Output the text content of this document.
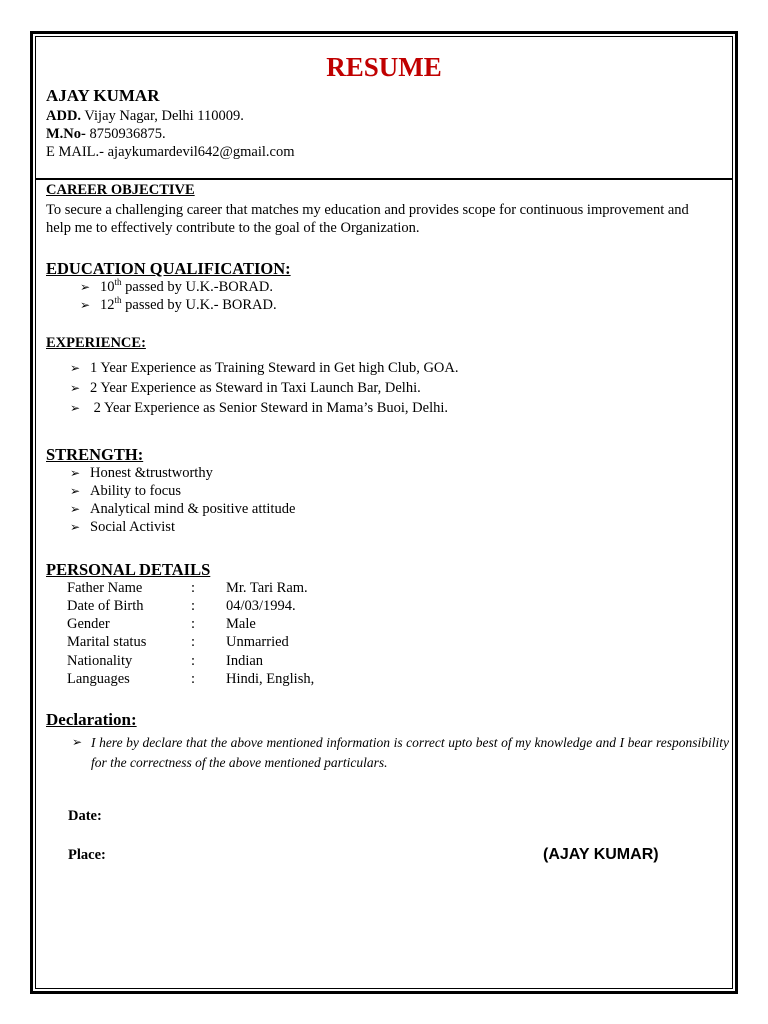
RESUME
AJAY KUMAR
ADD. Vijay Nagar, Delhi 110009.
M.No- 8750936875.
E MAIL.- ajaykumardevil642@gmail.com
CAREER OBJECTIVE
To secure a challenging career that matches my education and provides scope for continuous improvement and help me to effectively contribute to the goal of the Organization.
EDUCATION QUALIFICATION:
➢ 10th passed by U.K.-BORAD.
➢ 12th passed by U.K.- BORAD.
EXPERIENCE:
➢ 1 Year Experience as Training Steward in Get high Club, GOA.
➢ 2 Year Experience as Steward in Taxi Launch Bar, Delhi.
➢ 2 Year Experience as Senior Steward in Mama’s Buoi, Delhi.
STRENGTH:
➢ Honest &trustworthy
➢ Ability to focus
➢ Analytical mind & positive attitude
➢ Social Activist
PERSONAL DETAILS
Father Name	: Mr. Tari Ram.
Date of Birth	: 04/03/1994.
Gender	: Male
Marital status	: Unmarried
Nationality	: Indian
Languages	: Hindi, English,
Declaration:
➢ I here by declare that the above mentioned information is correct upto best of my knowledge and I bear responsibility for the correctness of the above mentioned particulars.
Date:
Place:	(AJAY KUMAR)
